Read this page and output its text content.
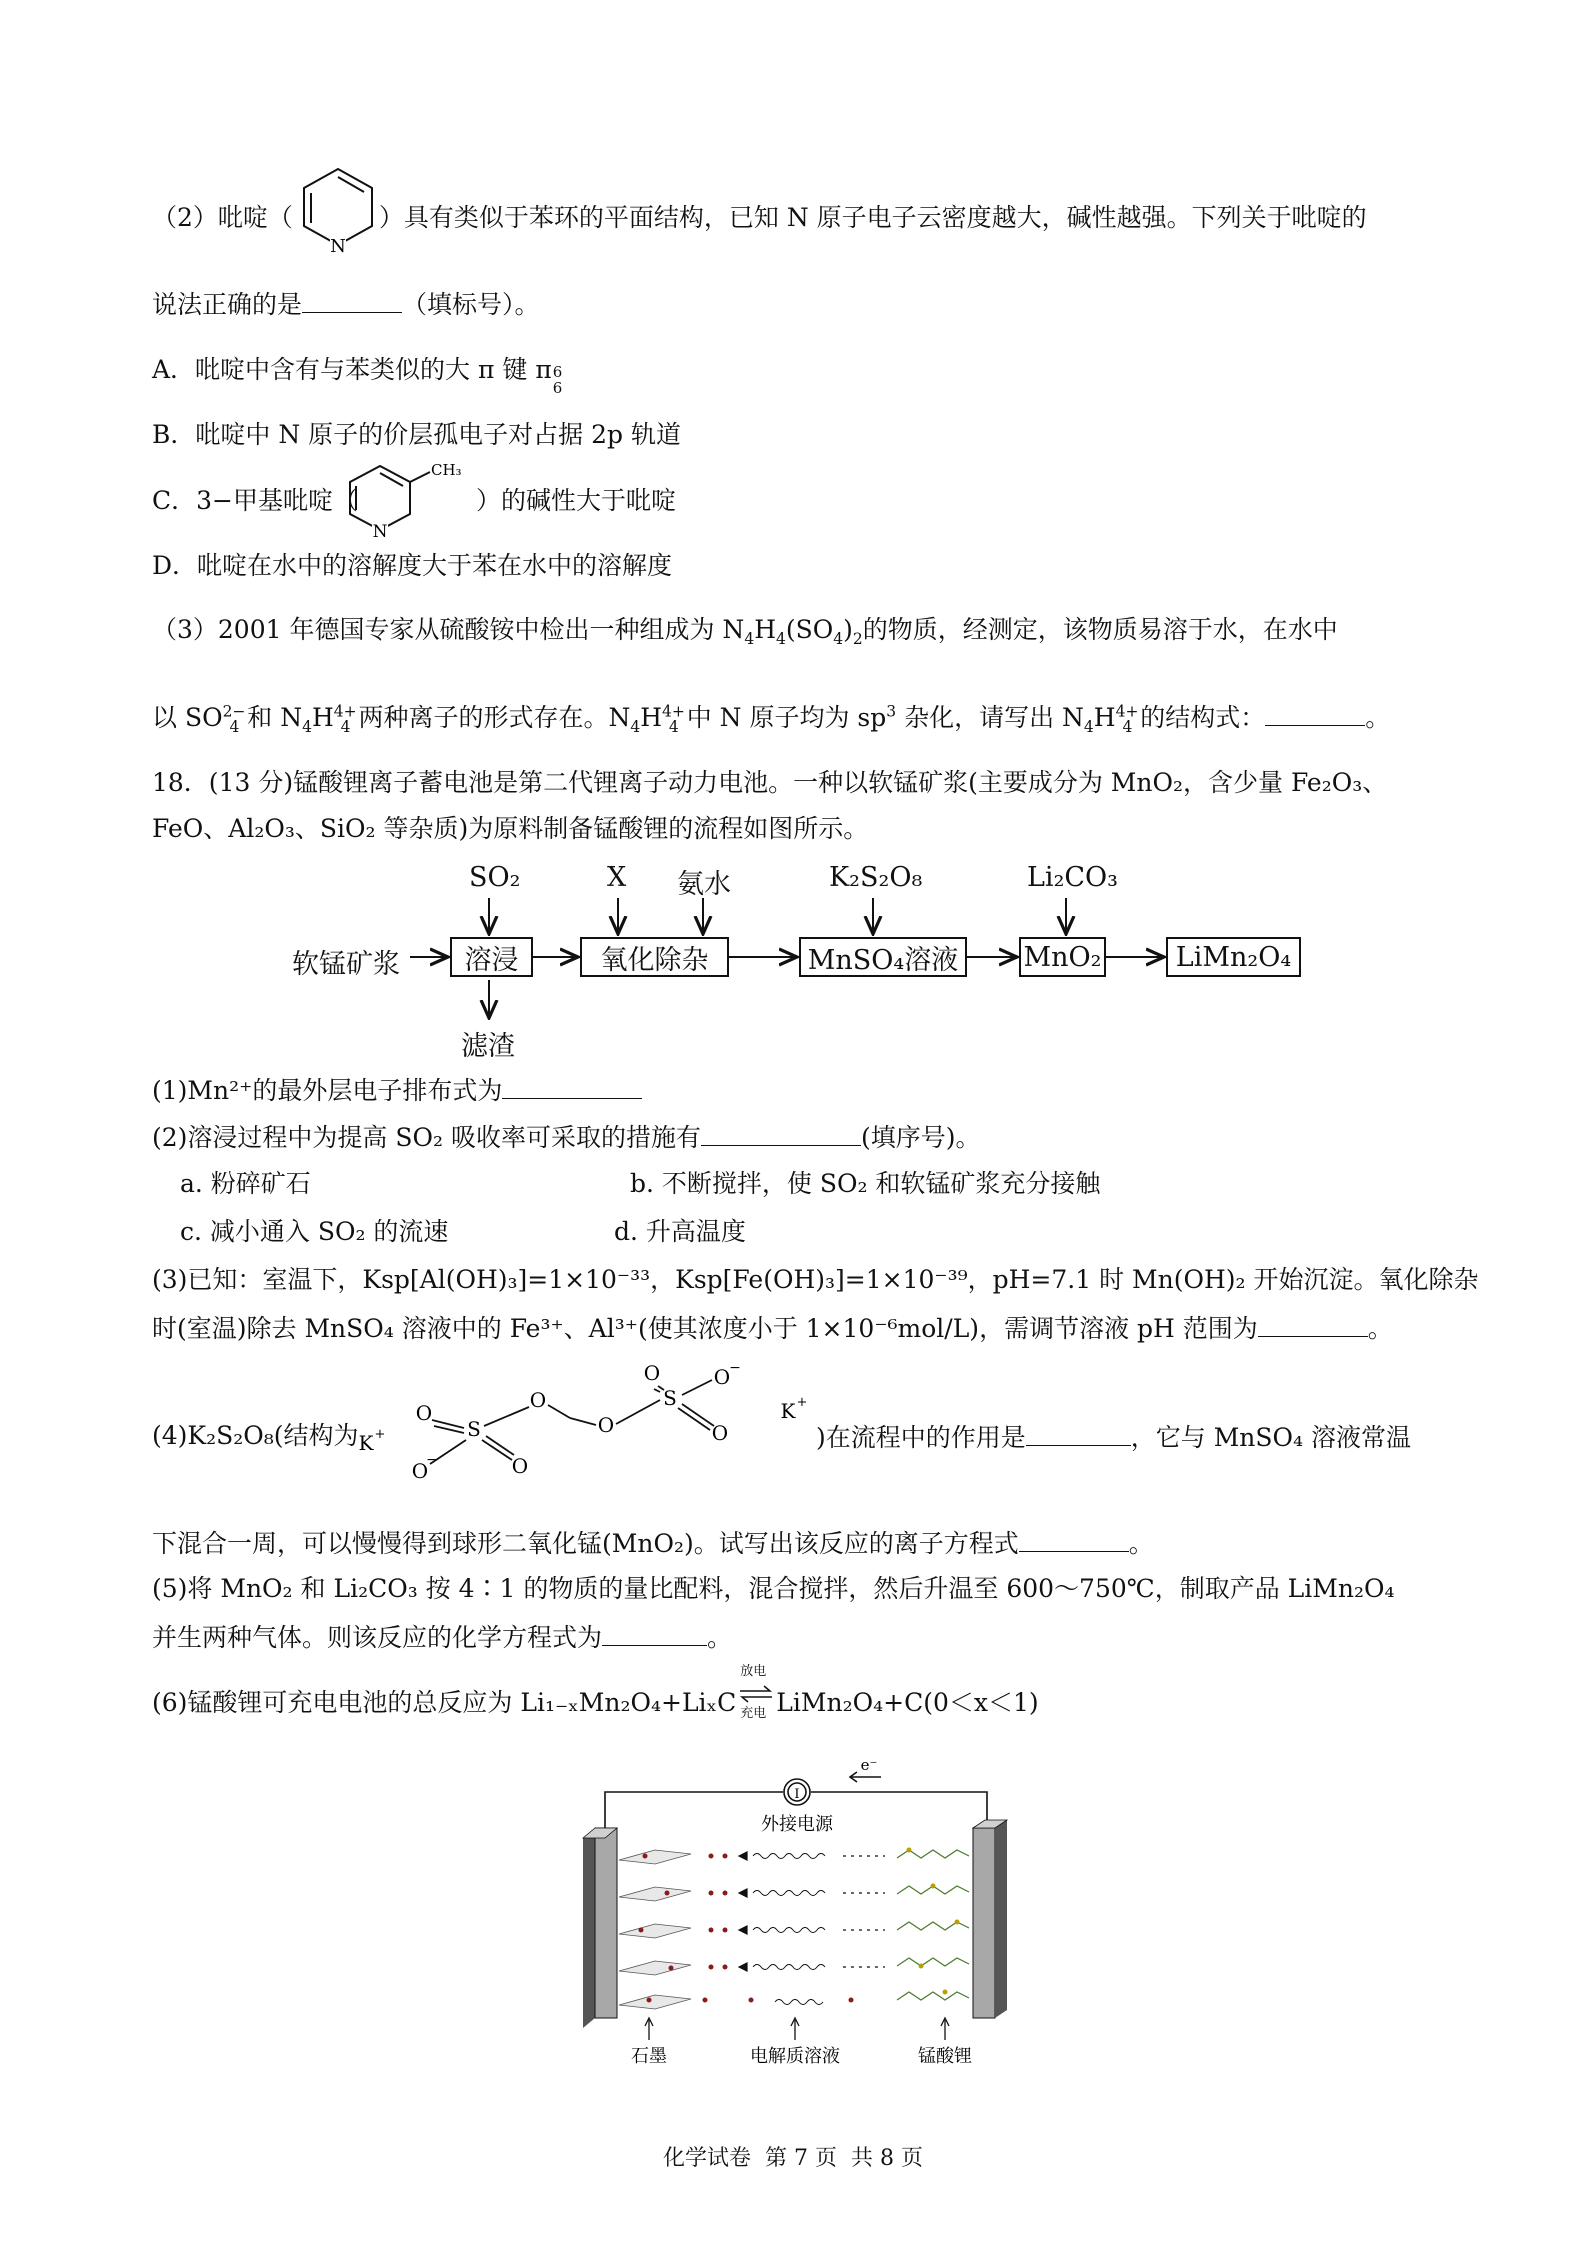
（2）吡啶（	）具有类似于苯环的平面结构，已知 N 原子电子云密度越大，碱性越强。下列关于吡啶的
N
说法正确的是	（填标号）。
A．吡啶中含有与苯类似的大 π 键 π 6
6
B．吡啶中 N 原子的价层孤电子对占据 2p 轨道
C．3−甲基吡啶（	）的碱性大于吡啶
N
CH₃
D．吡啶在水中的溶解度大于苯在水中的溶解度
（3）2001 年德国专家从硫酸铵中检出一种组成为 $N_4H_4(SO_4)_2$的物质，经测定，该物质易溶于水，在水中
以 $SO^{2-}_4$ 和 $N_4H^{4+}_4$ 两种离子的形式存在。$N_4H^{4+}_4$ 中 N 原子均为 $sp^3$ 杂化，请写出 $N_4H^{4+}_4$ 的结构式：	。
18．(13 分)锰酸锂离子蓄电池是第二代锂离子动力电池。一种以软锰矿浆(主要成分为 MnO₂，含少量 Fe₂O₃、
FeO、Al₂O₃、SiO₂ 等杂质)为原料制备锰酸锂的流程如图所示。
软锰矿浆	溶浸	氧化除杂	MnSO₄溶液	MnO₂	LiMn₂O₄
SO₂	X 氨水	K₂S₂O₈	Li₂CO₃
滤渣
(1)Mn²⁺的最外层电子排布式为
(2)溶浸过程中为提高 SO₂ 吸收率可采取的措施有	(填序号)。
a. 粉碎矿石	b. 不断搅拌，使 SO₂ 和软锰矿浆充分接触
c. 减小通入 SO₂ 的流速	d. 升高温度
(3)已知：室温下，Ksp[Al(OH)₃]=1×10⁻³³，Ksp[Fe(OH)₃]=1×10⁻³⁹，pH=7.1 时 Mn(OH)₂ 开始沉淀。氧化除杂
时(室温)除去 MnSO₄ 溶液中的 Fe³⁺、Al³⁺(使其浓度小于 1×10⁻⁶mol/L)，需调节溶液 pH 范围为	。
(4)K₂S₂O₈(结构为 K +
O
S
O
−	O
O
O
S
O	O
−
O
K +
)在流程中的作用是	，它与 MnSO₄ 溶液常温
下混合一周，可以慢慢得到球形二氧化锰(MnO₂)。试写出该反应的离子方程式	。
(5)将 MnO₂ 和 Li₂CO₃ 按 4∶1 的物质的量比配料，混合搅拌，然后升温至 600～750℃，制取产品 LiMn₂O₄
并生两种气体。则该反应的化学方程式为	。
(6)锰酸锂可充电电池的总反应为 Li₁₋ₓMn₂O₄+LiₓC
放电
充电 LiMn₂O₄+C(0＜x＜1)
I
e⁻
外接电源
石墨	电解质溶液	锰酸锂
化学试卷  第 7 页  共 8 页
